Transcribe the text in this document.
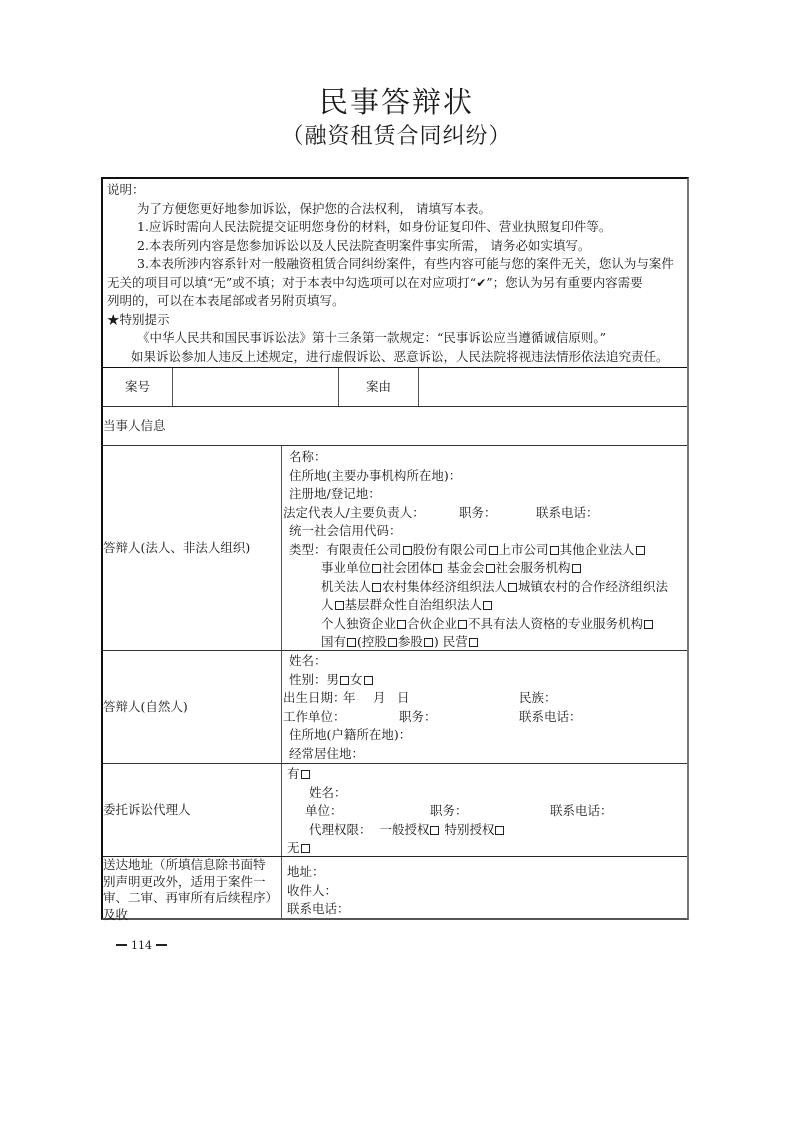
民事答辩状
（融资租赁合同纠纷）
说明：
为了方便您更好地参加诉讼，保护您的合法权利， 请填写本表。
1.应诉时需向人民法院提交证明您身份的材料，如身份证复印件、营业执照复印件等。
2.本表所列内容是您参加诉讼以及人民法院查明案件事实所需， 请务必如实填写。
3.本表所涉内容系针对一般融资租赁合同纠纷案件，有些内容可能与您的案件无关，您认为与案件
无关的项目可以填“无”或不填；对于本表中勾选项可以在对应项打“✔”；您认为另有重要内容需要
列明的，可以在本表尾部或者另附页填写。
★特别提示
《中华人民共和国民事诉讼法》第十三条第一款规定：“民事诉讼应当遵循诚信原则。”
如果诉讼参加人违反上述规定，进行虚假诉讼、恶意诉讼，人民法院将视违法情形依法追究责任。
案号	案由
当事人信息
答辩人(法人、非法人组织)
名称：
住所地(主要办事机构所在地)：
注册地/登记地：
法定代表人/主要负责人：	职务：	联系电话：
统一社会信用代码：
类型：有限责任公司 股份有限公司 上市公司 其他企业法人
事业单位 社会团体 基金会 社会服务机构
机关法人 农村集体经济组织法人 城镇农村的合作经济组织法
人 基层群众性自治组织法人
个人独资企业 合伙企业 不具有法人资格的专业服务机构
国有 (控股 参股 ) 民营
答辩人(自然人)
姓名：
性别：男 女
出生日期：年 月 日	民族：
工作单位：	职务：	联系电话：
住所地(户籍所在地)：
经常居住地：
委托诉讼代理人
有
姓名：
单位：	职务：	联系电话：
代理权限： 一般授权 特别授权
无
送达地址（所填信息除书面特
别声明更改外，适用于案件一
审、二审、再审所有后续程序）
及收
地址：
收件人：
联系电话：
114
